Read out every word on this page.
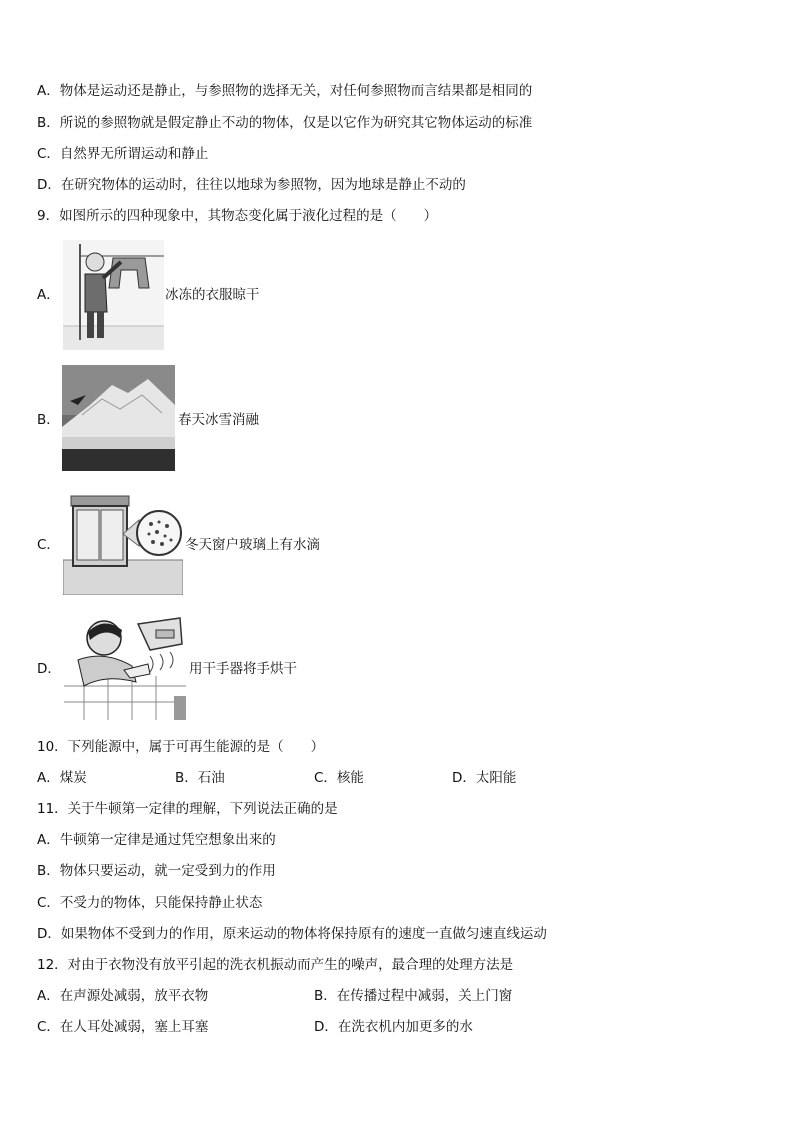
A．物体是运动还是静止，与参照物的选择无关，对任何参照物而言结果都是相同的
B．所说的参照物就是假定静止不动的物体，仅是以它作为研究其它物体运动的标准
C．自然界无所谓运动和静止
D．在研究物体的运动时，往往以地球为参照物，因为地球是静止不动的
9．如图所示的四种现象中，其物态变化属于液化过程的是（　　）
A．	冰冻的衣服晾干
B．	春天冰雪消融
C．	冬天窗户玻璃上有水滴
D．	用干手器将手烘干
10．下列能源中，属于可再生能源的是（　　）
A．煤炭	B．石油	C．核能	D．太阳能
11．关于牛顿第一定律的理解，下列说法正确的是
A．牛顿第一定律是通过凭空想象出来的
B．物体只要运动，就一定受到力的作用
C．不受力的物体，只能保持静止状态
D．如果物体不受到力的作用，原来运动的物体将保持原有的速度一直做匀速直线运动
12．对由于衣物没有放平引起的洗衣机振动而产生的噪声，最合理的处理方法是
A．在声源处减弱，放平衣物	B．在传播过程中减弱，关上门窗
C．在人耳处减弱，塞上耳塞	D．在洗衣机内加更多的水
